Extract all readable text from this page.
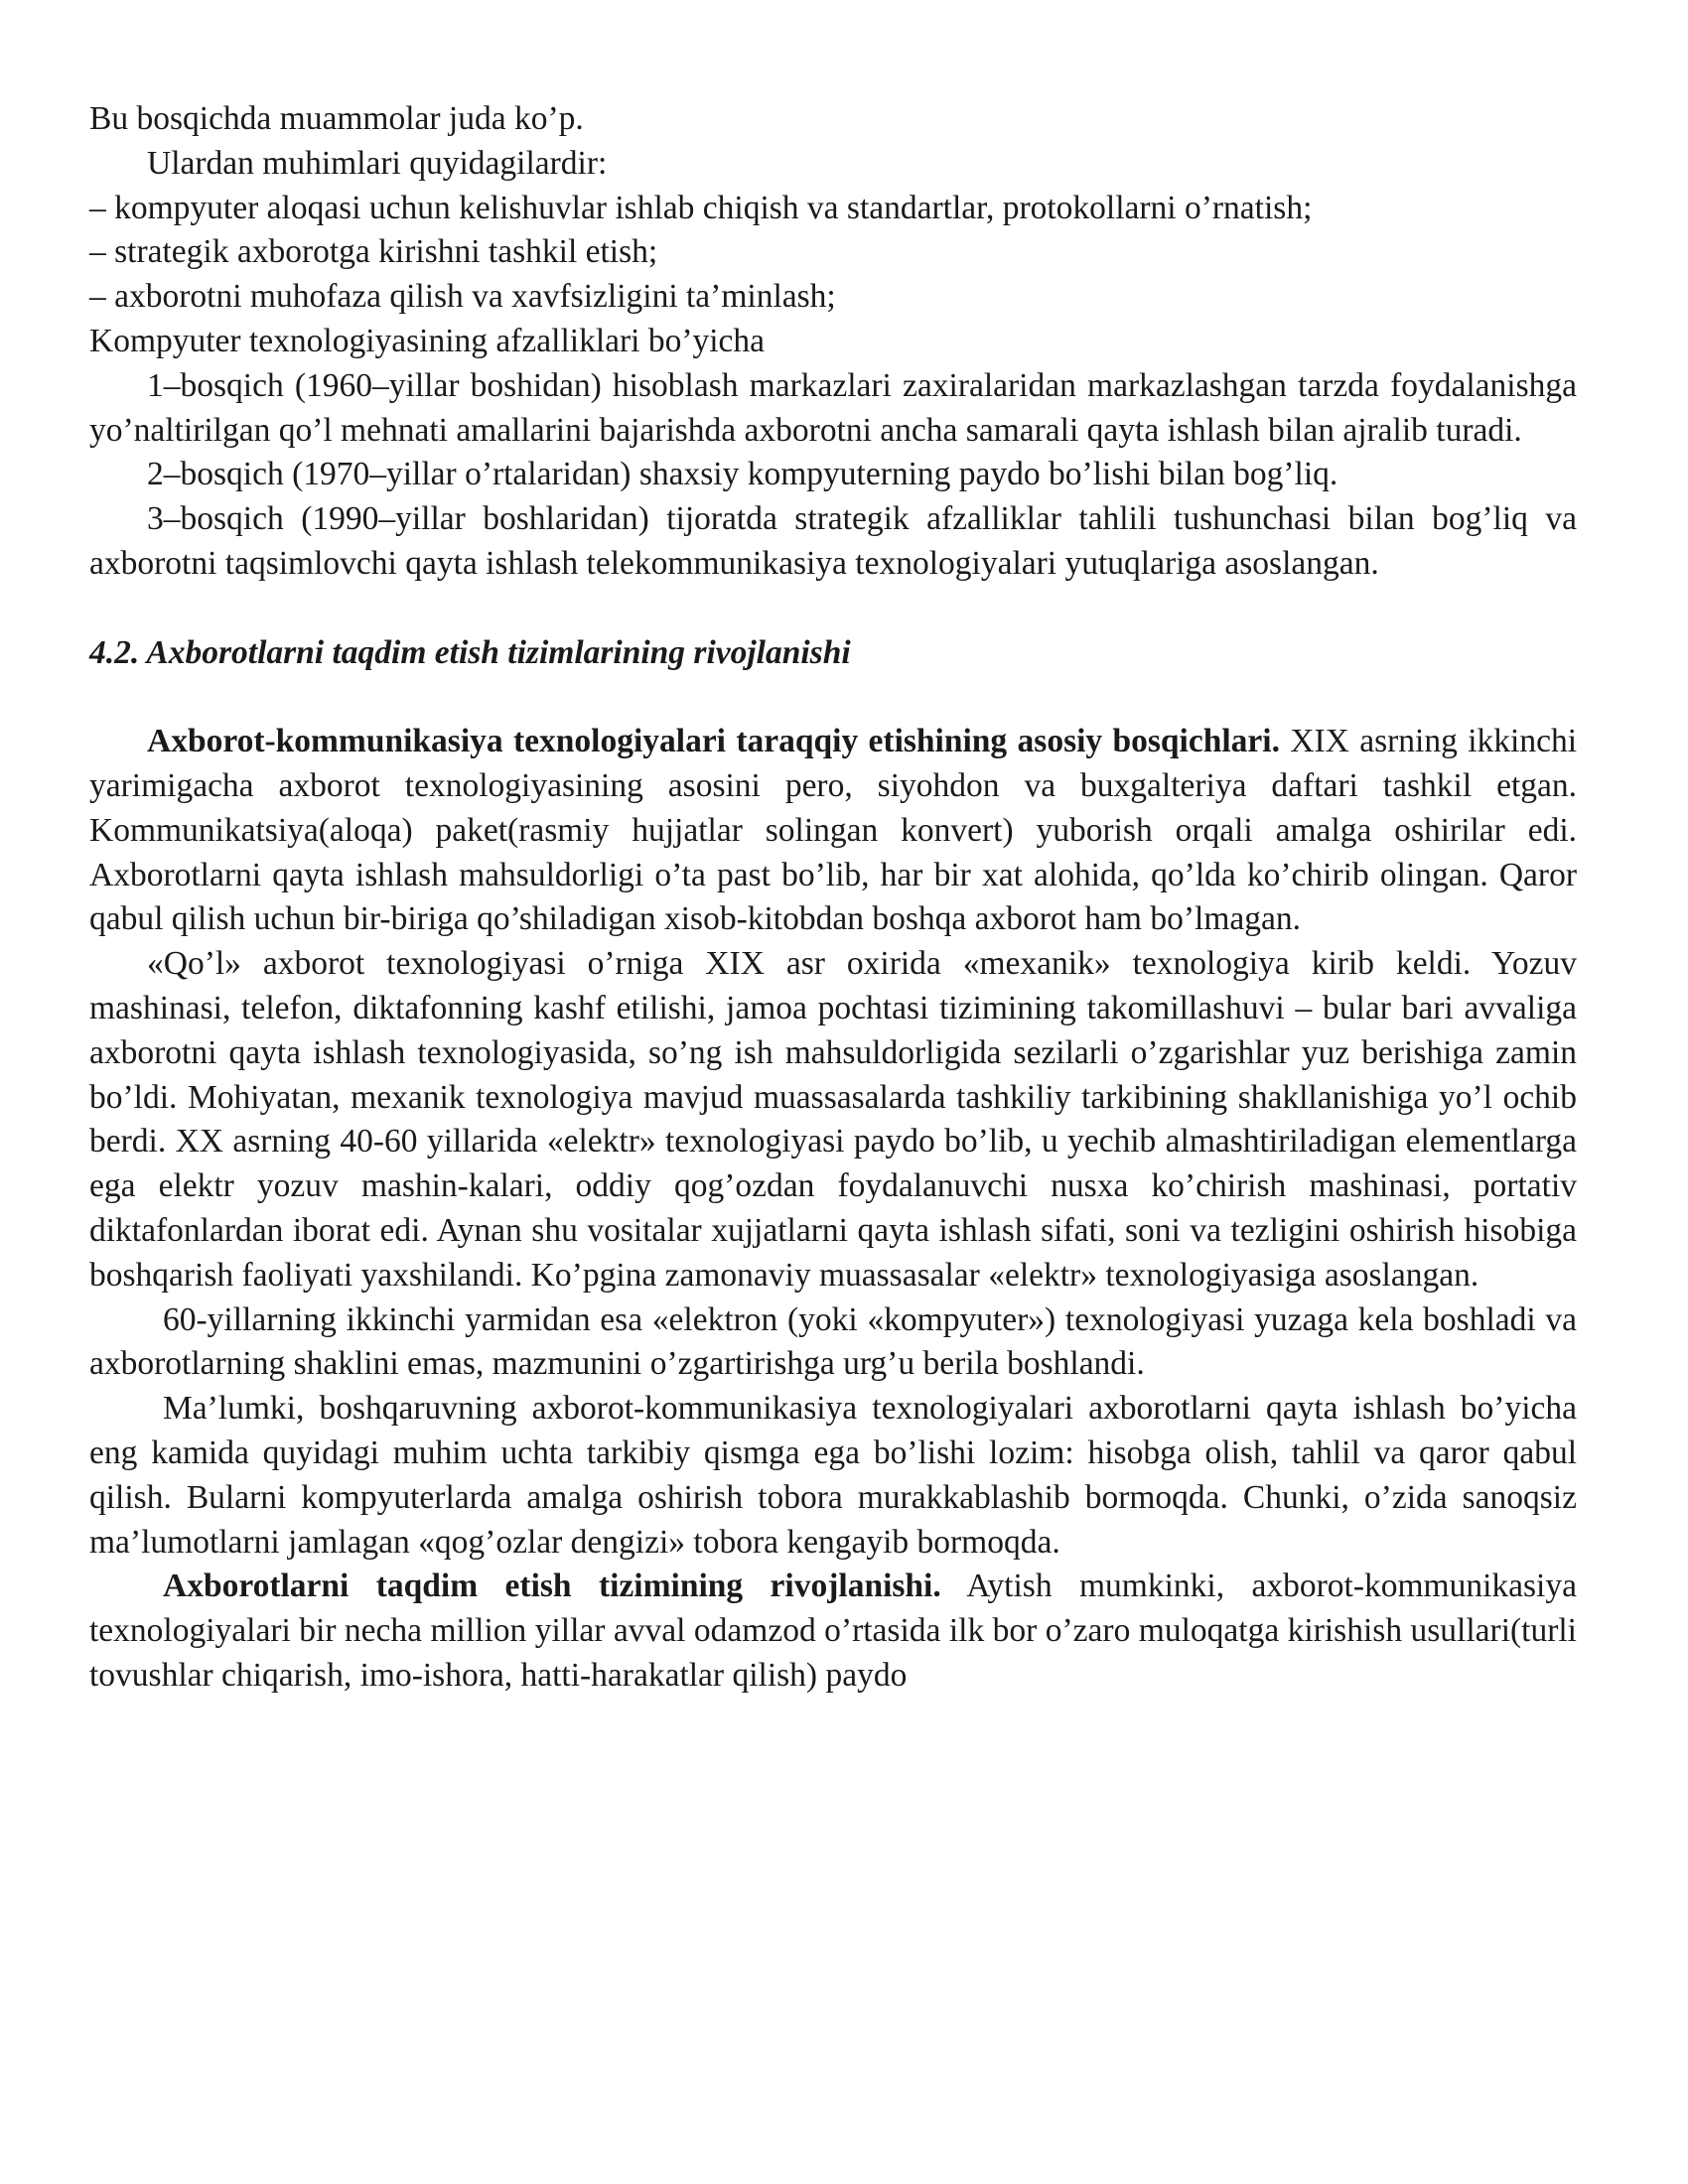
Bu bosqichda muammolar juda ko’p.
Ulardan muhimlari quyidagilardir:
– kompyuter aloqasi uchun kelishuvlar ishlab chiqish va standartlar, protokollarni o’rnatish;
– strategik axborotga kirishni tashkil etish;
– axborotni muhofaza qilish va xavfsizligini ta’minlash;
Kompyuter texnologiyasining afzalliklari bo’yicha

1–bosqich (1960–yillar boshidan) hisoblash markazlari zaxiralaridan markazlashgan tarzda foydalanishga yo’naltirilgan qo’l mehnati amallarini bajarishda axborotni ancha samarali qayta ishlash bilan ajralib turadi.

2–bosqich (1970–yillar o’rtalaridan) shaxsiy kompyuterning paydo bo’lishi bilan bog’liq.

3–bosqich (1990–yillar boshlaridan) tijoratda strategik afzalliklar tahlili tushunchasi bilan bog’liq va axborotni taqsimlovchi qayta ishlash telekommunikasiya texnologiyalari yutuqlariga asoslangan.

4.2. Axborotlarni taqdim etish tizimlarining rivojlanishi

Axborot-kommunikasiya texnologiyalari taraqqiy etishining asosiy bosqichlari. XIX asrning ikkinchi yarimigacha axborot texnologiyasining asosini pero, siyohdon va buxgalteriya daftari tashkil etgan. Kommunikatsiya(aloqa) paket(rasmiy hujjatlar solingan konvert) yuborish orqali amalga oshirilar edi. Axborotlarni qayta ishlash mahsuldorligi o’ta past bo’lib, har bir xat alohida, qo’lda ko’chirib olingan. Qaror qabul qilish uchun bir-biriga qo’shiladigan xisob-kitobdan boshqa axborot ham bo’lmagan.

«Qo’l» axborot texnologiyasi o’rniga XIX asr oxirida «mexanik» texnologiya kirib keldi. Yozuv mashinasi, telefon, diktafonning kashf etilishi, jamoa pochtasi tizimining takomillashuvi – bular bari avvaliga axborotni qayta ishlash texnologiyasida, so’ng ish mahsuldorligida sezilarli o’zgarishlar yuz berishiga zamin bo’ldi. Mohiyatan, mexanik texnologiya mavjud muassasalarda tashkiliy tarkibining shakllanishiga yo’l ochib berdi. XX asrning 40-60 yillarida «elektr» texnologiyasi paydo bo’lib, u yechib almashtiriladigan elementlarga ega elektr yozuv mashin-kalari, oddiy qog’ozdan foydalanuvchi nusxa ko’chirish mashinasi, portativ diktafonlardan iborat edi. Aynan shu vositalar xujjatlarni qayta ishlash sifati, soni va tezligini oshirish hisobiga boshqarish faoliyati yaxshilandi. Ko’pgina zamonaviy muassasalar «elektr» texnologiyasiga asoslangan.

60-yillarning ikkinchi yarmidan esa «elektron (yoki «kompyuter») texnologiyasi yuzaga kela boshladi va axborotlarning shaklini emas, mazmunini o’zgartirishga urg’u berila boshlandi.

Ma’lumki, boshqaruvning axborot-kommunikasiya texnologiyalari axborotlarni qayta ishlash bo’yicha eng kamida quyidagi muhim uchta tarkibiy qismga ega bo’lishi lozim: hisobga olish, tahlil va qaror qabul qilish. Bularni kompyuterlarda amalga oshirish tobora murakkablashib bormoqda. Chunki, o’zida sanoqsiz ma’lumotlarni jamlagan «qog’ozlar dengizi» tobora kengayib bormoqda.

Axborotlarni taqdim etish tizimining rivojlanishi. Aytish mumkinki, axborot-kommunikasiya texnologiyalari bir necha million yillar avval odamzod o’rtasida ilk bor o’zaro muloqatga kirishish usullari(turli tovushlar chiqarish, imo-ishora, hatti-harakatlar qilish) paydo
